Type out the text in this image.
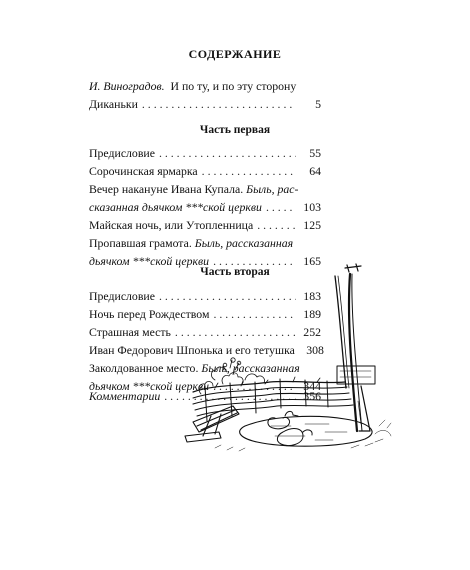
СОДЕРЖАНИЕ
И. Виноградов. И по ту, и по эту сторону
Диканьки . . .	5
Часть первая
Предисловие . . .	55
Сорочинская ярмарка . . .	64
Вечер накануне Ивана Купала. Быль, рас-
сказанная дьячком ***ской церкви . . .	103
Майская ночь, или Утопленница . . .	125
Пропавшая грамота. Быль, рассказанная
дьячком ***ской церкви . . .	165
Часть вторая
Предисловие . . .	183
Ночь перед Рождеством . . .	189
Страшная месть . . .	252
Иван Федорович Шпонька и его тетушка 308
Заколдованное место. Быль, рассказанная
дьячком ***ской церкви . . .	344
Комментарии . . .	356
